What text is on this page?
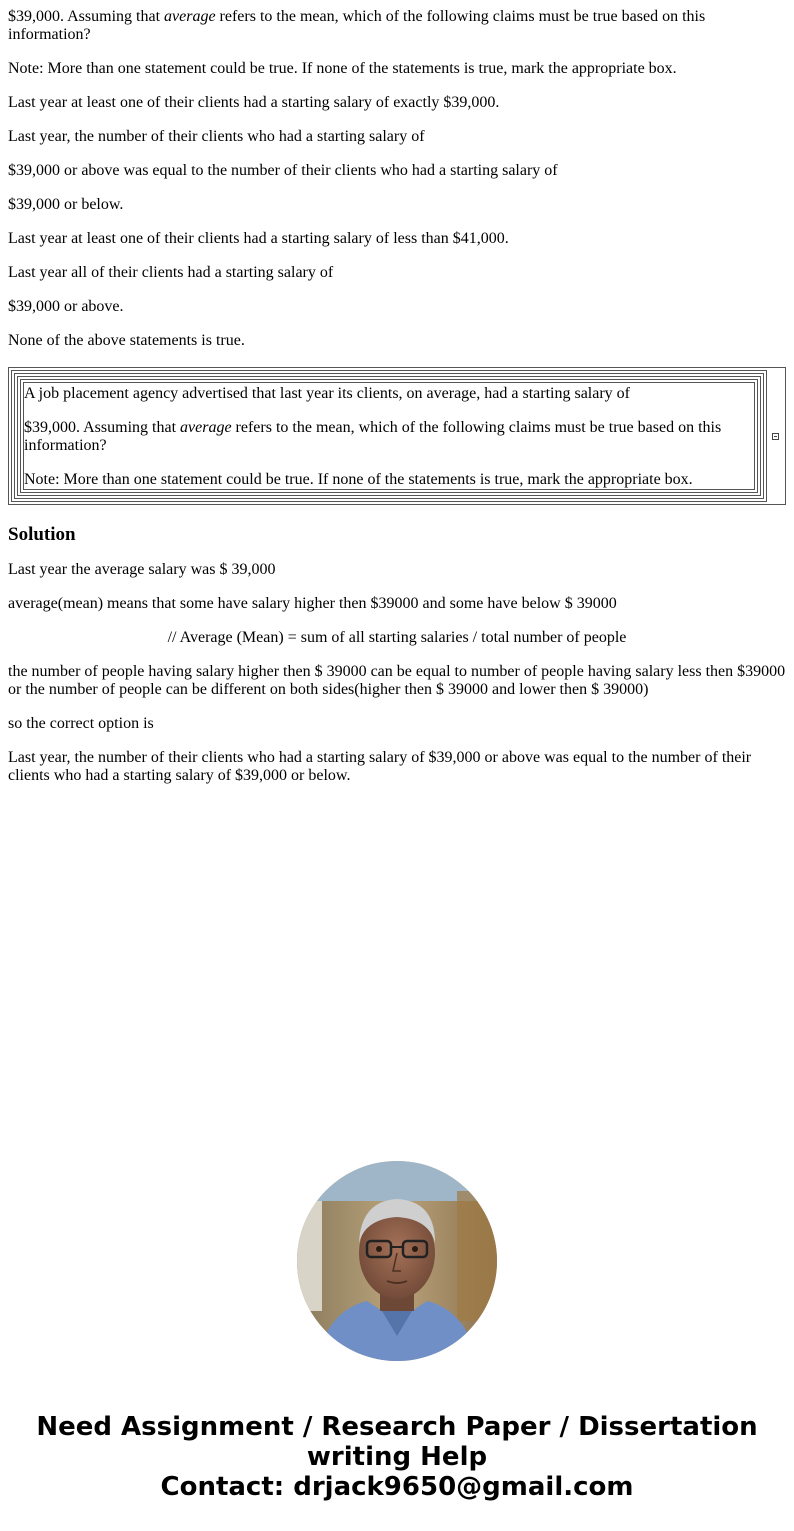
$39,000. Assuming that average refers to the mean, which of the following claims must be true based on this information?

Note: More than one statement could be true. If none of the statements is true, mark the appropriate box.

Last year at least one of their clients had a starting salary of exactly $39,000.

Last year, the number of their clients who had a starting salary of

$39,000 or above was equal to the number of their clients who had a starting salary of

$39,000 or below.

Last year at least one of their clients had a starting salary of less than $41,000.

Last year all of their clients had a starting salary of

$39,000 or above.

None of the above statements is true.

A job placement agency advertised that last year its clients, on average, had a starting salary of

$39,000. Assuming that average refers to the mean, which of the following claims must be true based on this information?

Note: More than one statement could be true. If none of the statements is true, mark the appropriate box.

Solution

Last year the average salary was $ 39,000

average(mean) means that some have salary higher then $39000 and some have below $ 39000

// Average (Mean) = sum of all starting salaries / total number of people

the number of people having salary higher then $ 39000 can be equal to number of people having salary less then $39000 or the number of people can be different on both sides(higher then $ 39000 and lower then $ 39000)

so the correct option is

Last year, the number of their clients who had a starting salary of $39,000 or above was equal to the number of their clients who had a starting salary of $39,000 or below.

Need Assignment / Research Paper / Dissertation
writing Help
Contact: drjack9650@gmail.com
